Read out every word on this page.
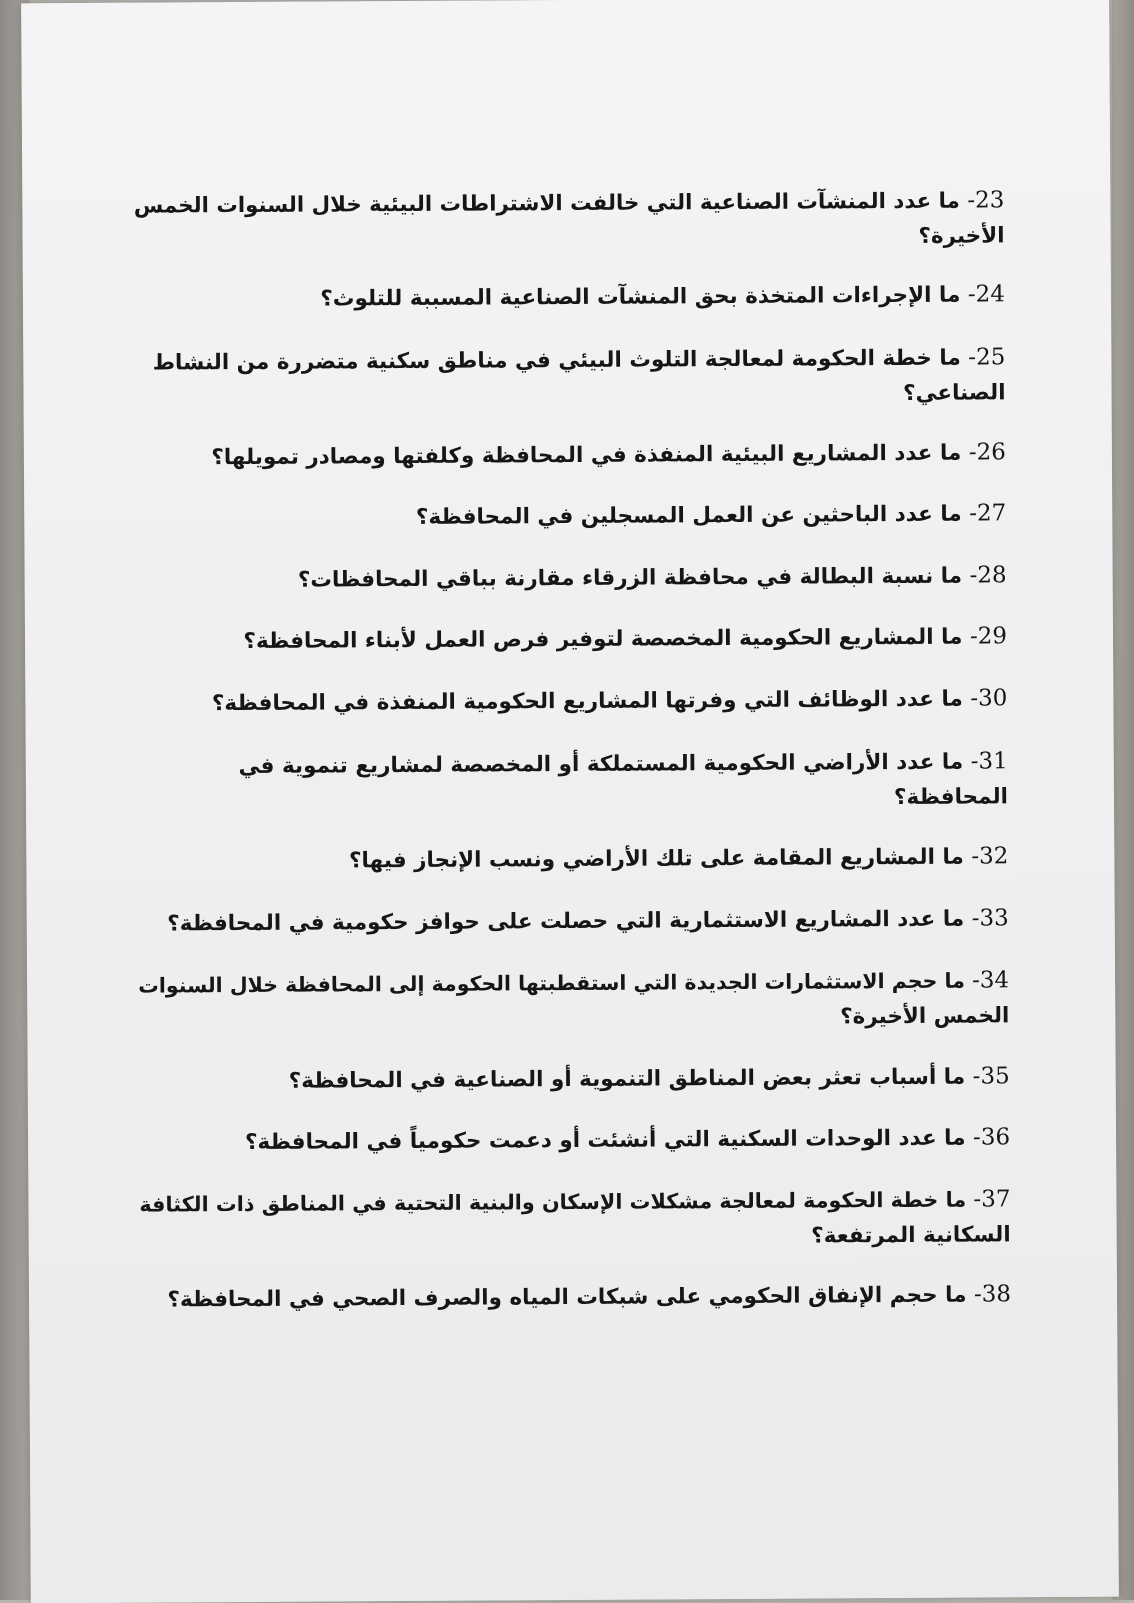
23- ما عدد المنشآت الصناعية التي خالفت الاشتراطات البيئية خلال السنوات الخمس
الأخيرة؟
24- ما الإجراءات المتخذة بحق المنشآت الصناعية المسببة للتلوث؟
25- ما خطة الحكومة لمعالجة التلوث البيئي في مناطق سكنية متضررة من النشاط
الصناعي؟
26- ما عدد المشاريع البيئية المنفذة في المحافظة وكلفتها ومصادر تمويلها؟
27- ما عدد الباحثين عن العمل المسجلين في المحافظة؟
28- ما نسبة البطالة في محافظة الزرقاء مقارنة بباقي المحافظات؟
29- ما المشاريع الحكومية المخصصة لتوفير فرص العمل لأبناء المحافظة؟
30- ما عدد الوظائف التي وفرتها المشاريع الحكومية المنفذة في المحافظة؟
31- ما عدد الأراضي الحكومية المستملكة أو المخصصة لمشاريع تنموية في
المحافظة؟
32- ما المشاريع المقامة على تلك الأراضي ونسب الإنجاز فيها؟
33- ما عدد المشاريع الاستثمارية التي حصلت على حوافز حكومية في المحافظة؟
34- ما حجم الاستثمارات الجديدة التي استقطبتها الحكومة إلى المحافظة خلال السنوات
الخمس الأخيرة؟
35- ما أسباب تعثر بعض المناطق التنموية أو الصناعية في المحافظة؟
36- ما عدد الوحدات السكنية التي أنشئت أو دعمت حكومياً في المحافظة؟
37- ما خطة الحكومة لمعالجة مشكلات الإسكان والبنية التحتية في المناطق ذات الكثافة
السكانية المرتفعة؟
38- ما حجم الإنفاق الحكومي على شبكات المياه والصرف الصحي في المحافظة؟
